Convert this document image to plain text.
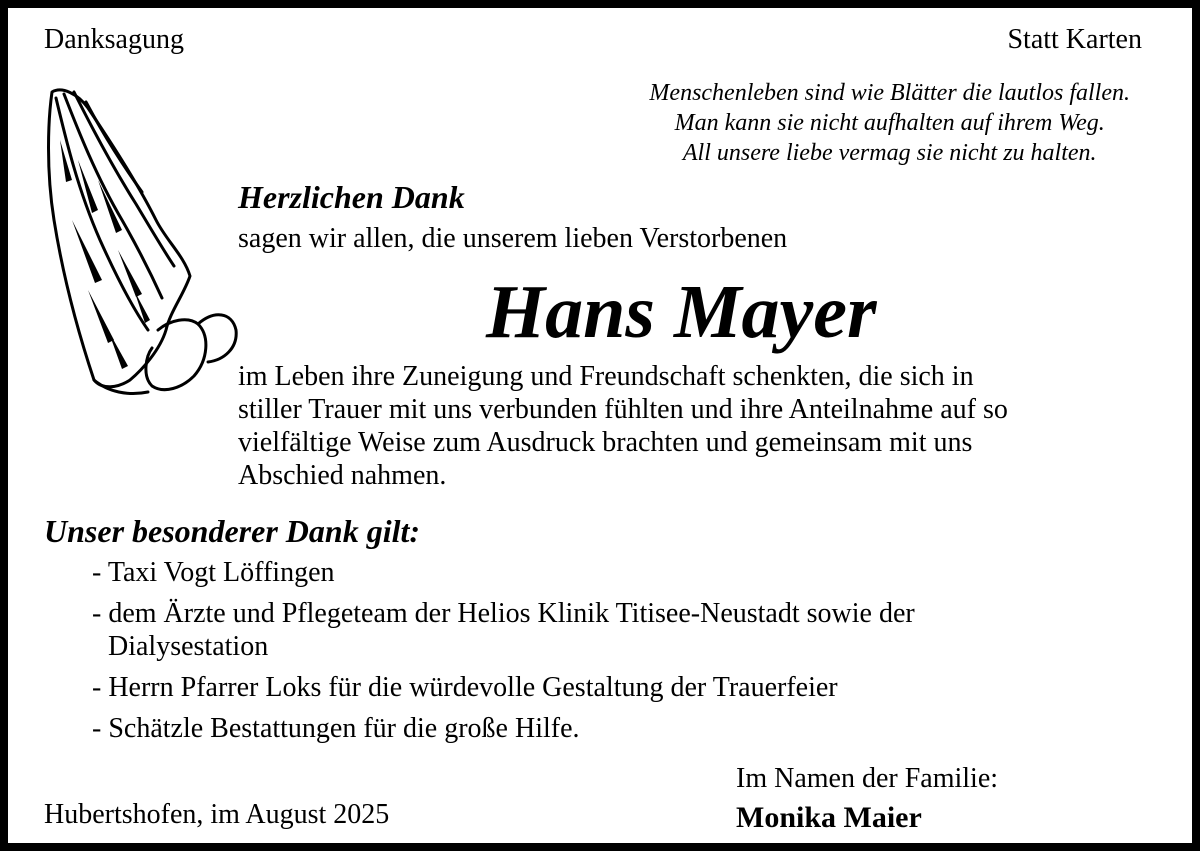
Danksagung	Statt Karten

Menschenleben sind wie Blätter die lautlos fallen.
Man kann sie nicht aufhalten auf ihrem Weg.
All unsere liebe vermag sie nicht zu halten.

Herzlichen Dank

sagen wir allen, die unserem lieben Verstorbenen

Hans Mayer

im Leben ihre Zuneigung und Freundschaft schenkten, die sich in
stiller Trauer mit uns verbunden fühlten und ihre Anteilnahme auf so
vielfältige Weise zum Ausdruck brachten und gemeinsam mit uns
Abschied nahmen.

Unser besonderer Dank gilt:

- Taxi Vogt Löffingen
- dem Ärzte und Pflegeteam der Helios Klinik Titisee-Neustadt sowie der
Dialysestation
- Herrn Pfarrer Loks für die würdevolle Gestaltung der Trauerfeier
- Schätzle Bestattungen für die große Hilfe.

Hubertshofen, im August 2025

Im Namen der Familie:

Monika Maier
